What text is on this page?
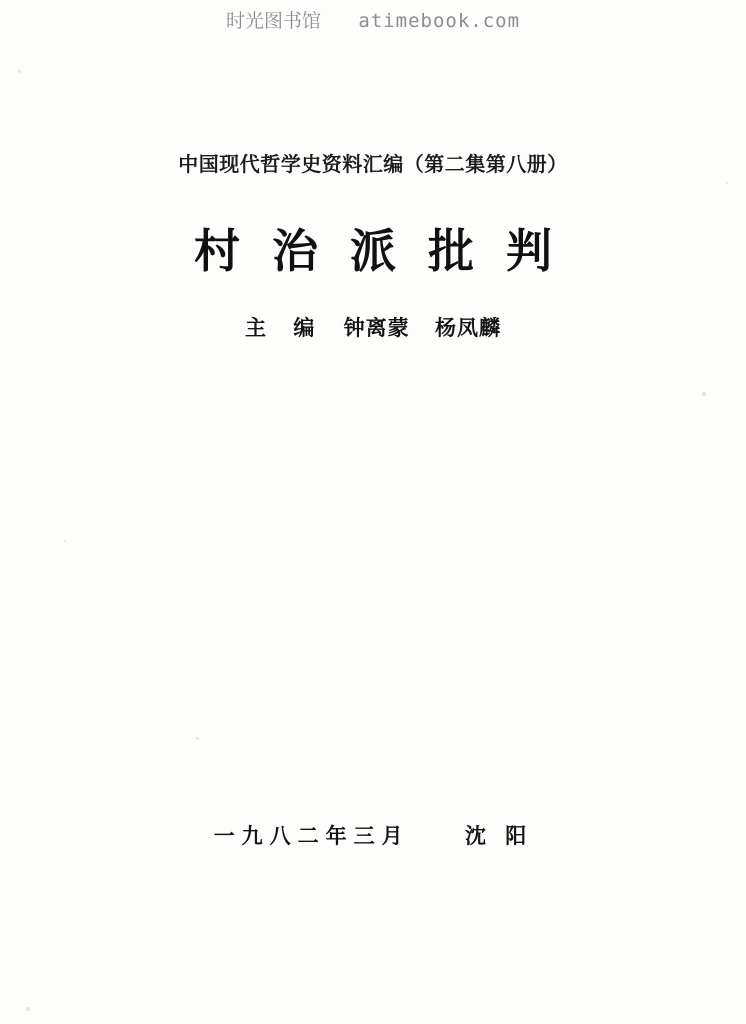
时光图书馆 atimebook.com
中国现代哲学史资料汇编（第二集第八册）
村治派批判
主 编 钟离蒙 杨凤麟
一九八二年三月	沈 阳
